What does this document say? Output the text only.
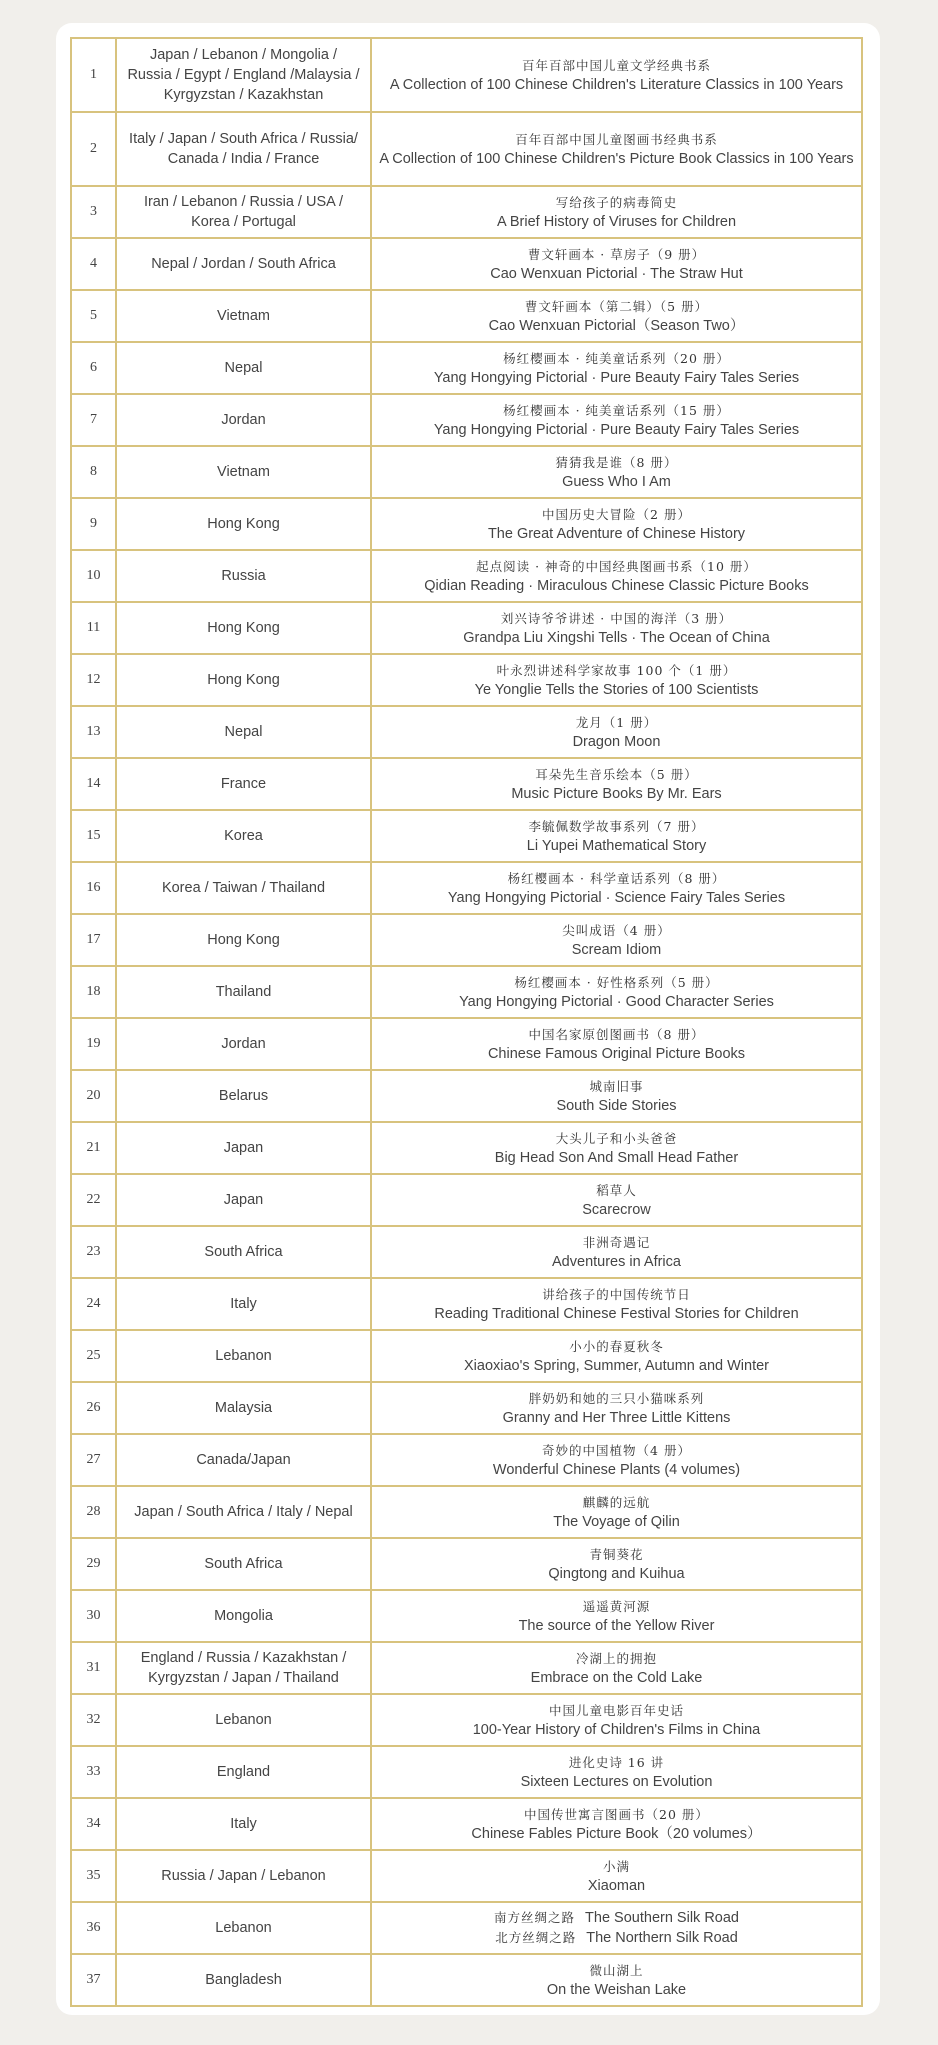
1	Japan / Lebanon / Mongolia /
Russia / Egypt / England /Malaysia /
Kyrgyzstan / Kazakhstan	百年百部中国儿童文学经典书系
A Collection of 100 Chinese Children's Literature Classics in 100 Years

2	Italy / Japan / South Africa / Russia/
Canada / India / France	百年百部中国儿童图画书经典书系
A Collection of 100 Chinese Children's Picture Book Classics in 100 Years

3	Iran / Lebanon / Russia / USA /
Korea / Portugal	写给孩子的病毒简史
A Brief History of Viruses for Children

4	Nepal / Jordan / South Africa	曹文轩画本 · 草房子（9 册）
Cao Wenxuan Pictorial · The Straw Hut

5	Vietnam	曹文轩画本（第二辑）（5 册）
Cao Wenxuan Pictorial（Season Two）

6	Nepal	杨红樱画本 · 纯美童话系列（20 册）
Yang Hongying Pictorial · Pure Beauty Fairy Tales Series

7	Jordan	杨红樱画本 · 纯美童话系列（15 册）
Yang Hongying Pictorial · Pure Beauty Fairy Tales Series

8	Vietnam	猜猜我是谁（8 册）
Guess Who I Am

9	Hong Kong	中国历史大冒险（2 册）
The Great Adventure of Chinese History

10	Russia	起点阅读 · 神奇的中国经典图画书系（10 册）
Qidian Reading · Miraculous Chinese Classic Picture Books

11	Hong Kong	刘兴诗爷爷讲述 · 中国的海洋（3 册）
Grandpa Liu Xingshi Tells · The Ocean of China

12	Hong Kong	叶永烈讲述科学家故事 100 个（1 册）
Ye Yonglie Tells the Stories of 100 Scientists

13	Nepal	龙月（1 册）
Dragon Moon

14	France	耳朵先生音乐绘本（5 册）
Music Picture Books By Mr. Ears

15	Korea	李毓佩数学故事系列（7 册）
Li Yupei Mathematical Story

16	Korea / Taiwan / Thailand	杨红樱画本 · 科学童话系列（8 册）
Yang Hongying Pictorial · Science Fairy Tales Series

17	Hong Kong	尖叫成语（4 册）
Scream Idiom

18	Thailand	杨红樱画本 · 好性格系列（5 册）
Yang Hongying Pictorial · Good Character Series

19	Jordan	中国名家原创图画书（8 册）
Chinese Famous Original Picture Books

20	Belarus	城南旧事
South Side Stories

21	Japan	大头儿子和小头爸爸
Big Head Son And Small Head Father

22	Japan	稻草人
Scarecrow

23	South Africa	非洲奇遇记
Adventures in Africa

24	Italy	讲给孩子的中国传统节日
Reading Traditional Chinese Festival Stories for Children

25	Lebanon	小小的春夏秋冬
Xiaoxiao's Spring, Summer, Autumn and Winter

26	Malaysia	胖奶奶和她的三只小猫咪系列
Granny and Her Three Little Kittens

27	Canada/Japan	奇妙的中国植物（4 册）
Wonderful Chinese Plants (4 volumes)

28	Japan / South Africa / Italy / Nepal	麒麟的远航
The Voyage of Qilin

29	South Africa	青铜葵花
Qingtong and Kuihua

30	Mongolia	遥遥黄河源
The source of the Yellow River

31	England / Russia / Kazakhstan /
Kyrgyzstan / Japan / Thailand	冷湖上的拥抱
Embrace on the Cold Lake

32	Lebanon	中国儿童电影百年史话
100-Year History of Children's Films in China

33	England	进化史诗 16 讲
Sixteen Lectures on Evolution

34	Italy	中国传世寓言图画书（20 册）
Chinese Fables Picture Book（20 volumes）

35	Russia / Japan / Lebanon	小满
Xiaoman

36	Lebanon	南方丝绸之路 The Southern Silk Road
北方丝绸之路 The Northern Silk Road

37	Bangladesh	微山湖上
On the Weishan Lake
